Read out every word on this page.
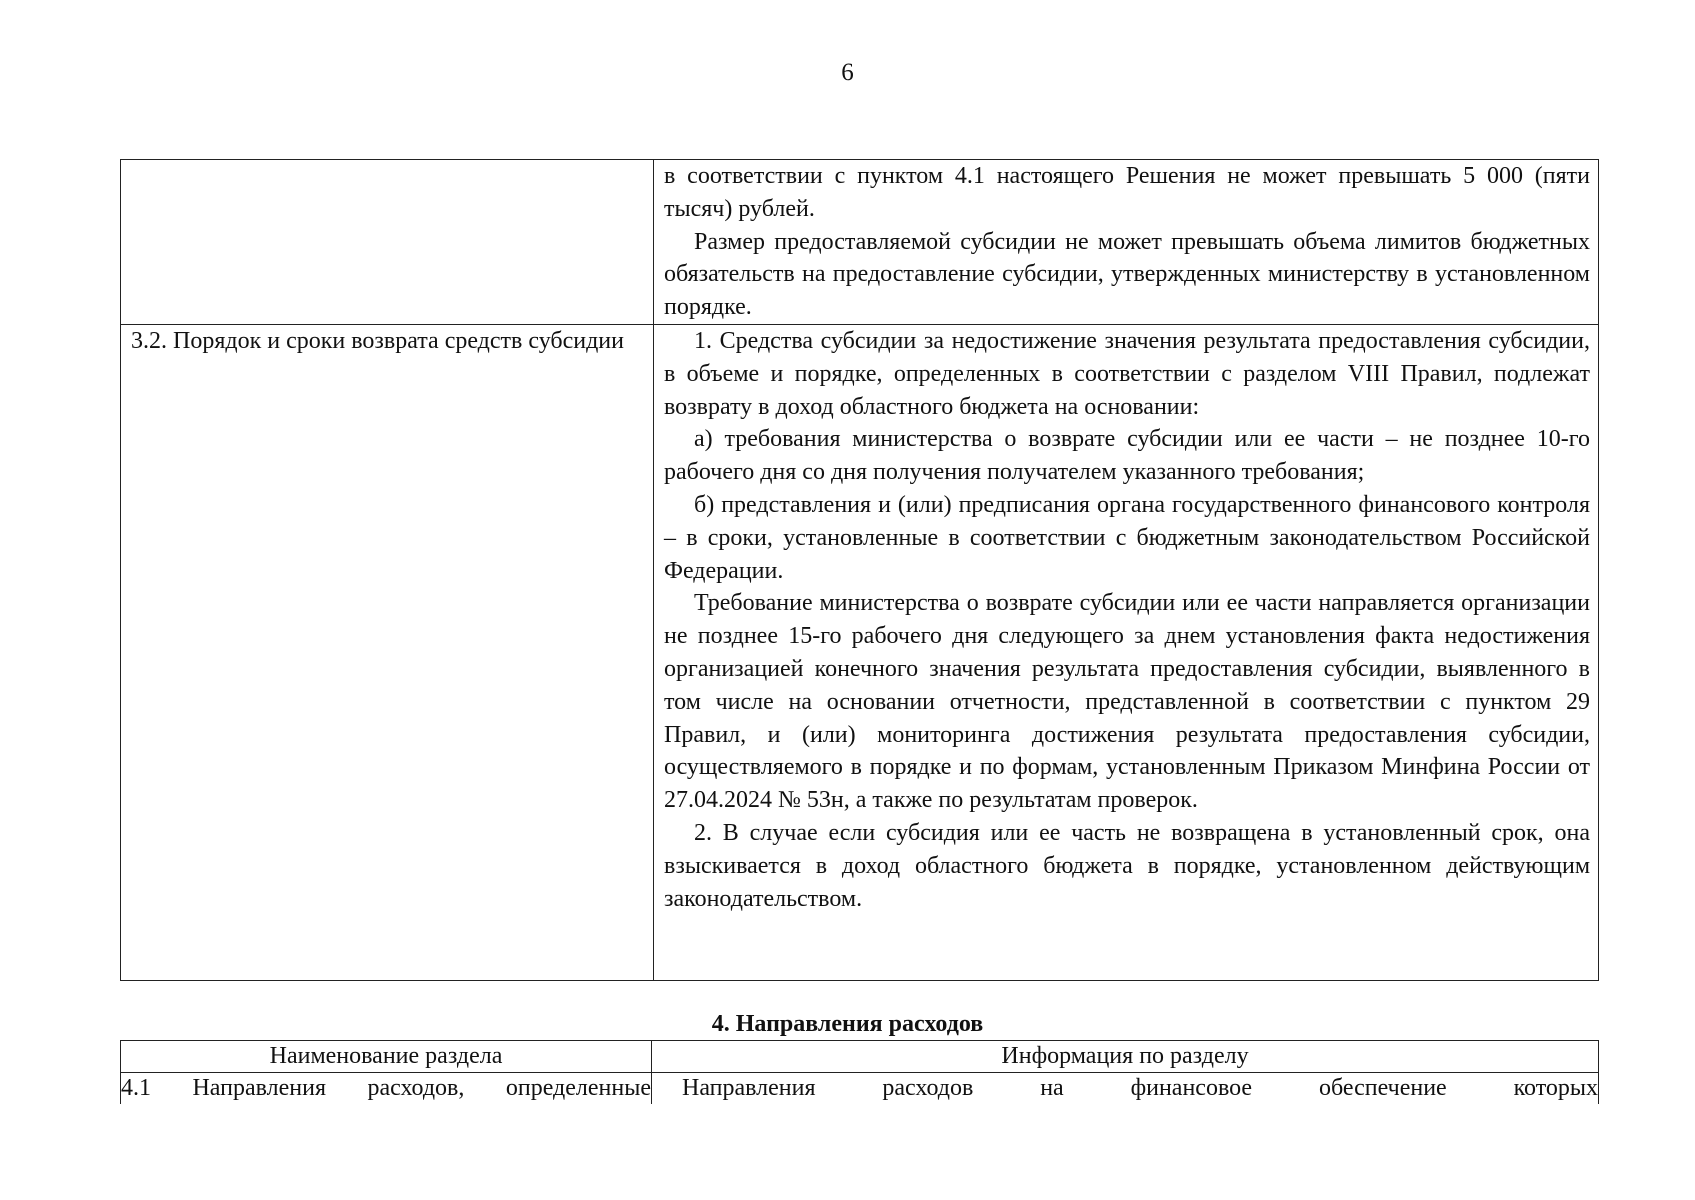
6

	в соответствии с пунктом 4.1 настоящего Решения не может превышать 5 000 (пяти тысяч) рублей.

Размер предоставляемой субсидии не может превышать объема лимитов бюджетных обязательств на предоставление субсидии, утвержденных министерству в установленном порядке.

3.2. Порядок и сроки возврата средств субсидии	1. Средства субсидии за недостижение значения результата предоставления субсидии, в объеме и порядке, определенных в соответствии с разделом VIII Правил, подлежат возврату в доход областного бюджета на основании:

а) требования министерства о возврате субсидии или ее части – не позднее 10-го рабочего дня со дня получения получателем указанного требования;

б) представления и (или) предписания органа государственного финансового контроля – в сроки, установленные в соответствии с бюджетным законодательством Российской Федерации.

Требование министерства о возврате субсидии или ее части направляется организации не позднее 15-го рабочего дня следующего за днем установления факта недостижения организацией конечного значения результата предоставления субсидии, выявленного в том числе на основании отчетности, представленной в соответствии с пунктом 29 Правил, и (или) мониторинга достижения результата предоставления субсидии, осуществляемого в порядке и по формам, установленным Приказом Минфина России от 27.04.2024 № 53н, а также по результатам проверок.

2. В случае если субсидия или ее часть не возвращена в установленный срок, она взыскивается в доход областного бюджета в порядке, установленном действующим законодательством.

4. Направления расходов
Наименование раздела	Информация по разделу
4.1 Направления расходов, определенные	Направления расходов на финансовое обеспечение которых
